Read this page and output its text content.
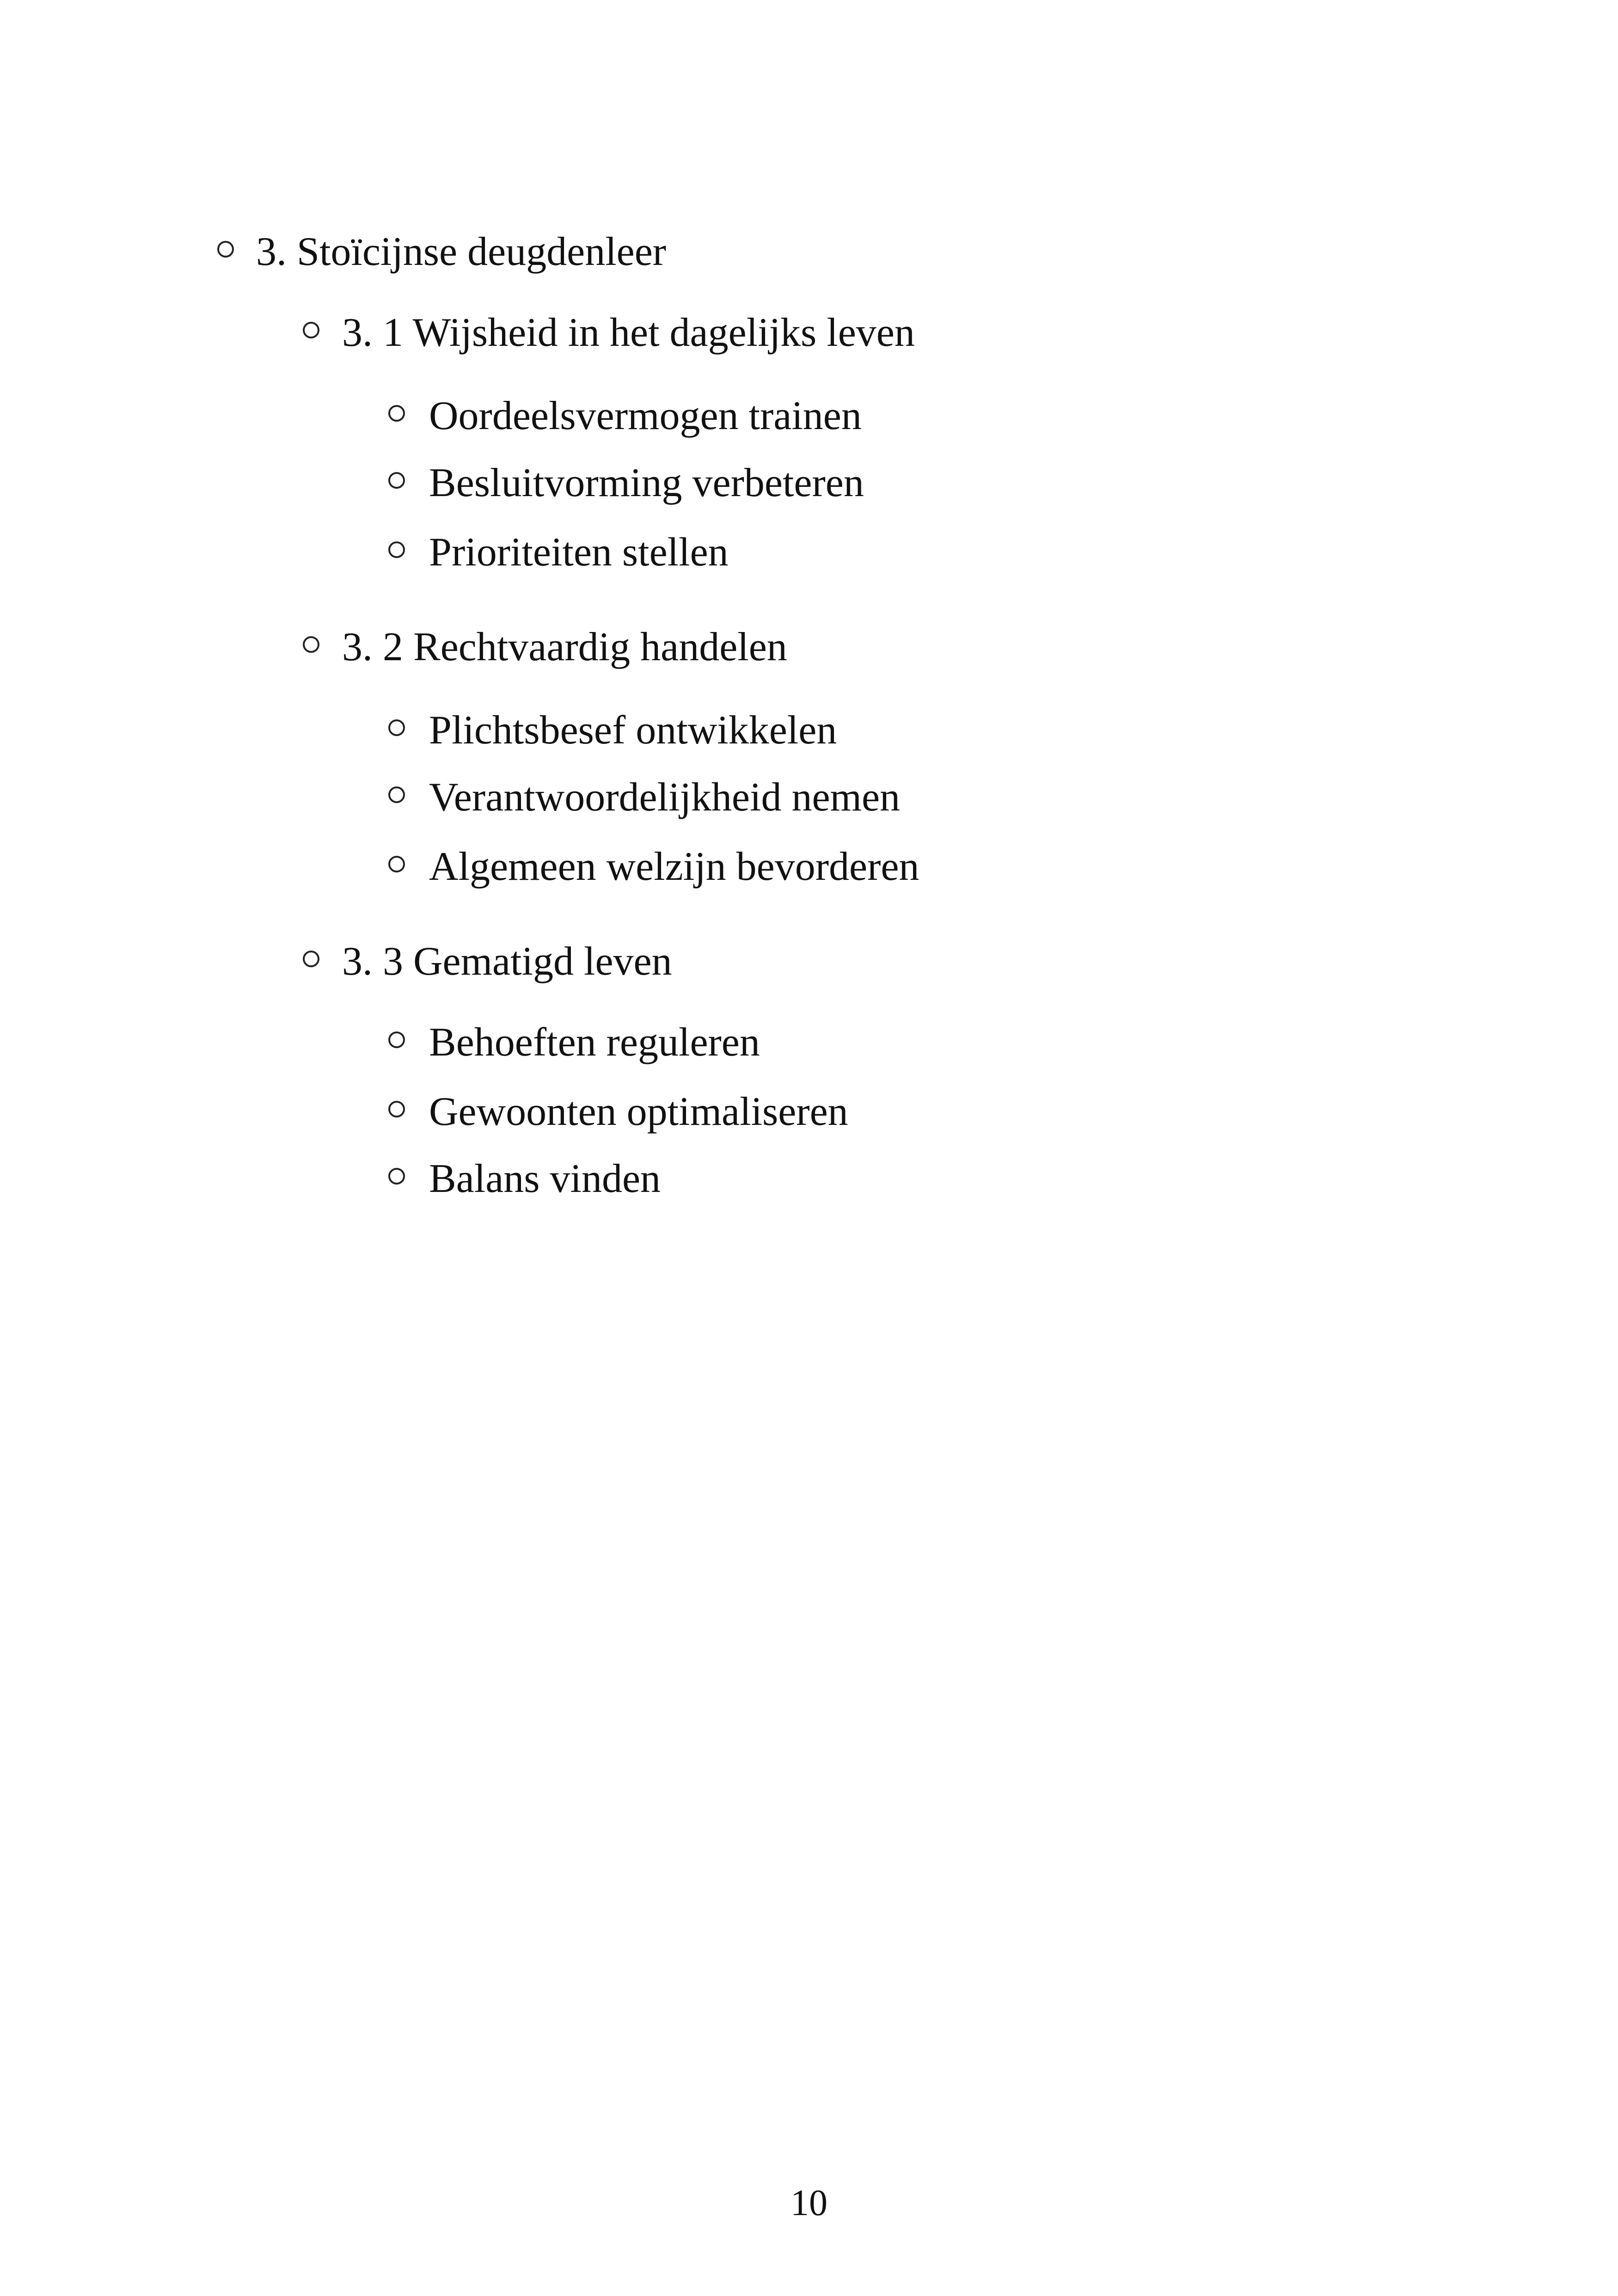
3. Stoïcijnse deugdenleer
3. 1 Wijsheid in het dagelijks leven
Oordeelsvermogen trainen
Besluitvorming verbeteren
Prioriteiten stellen
3. 2 Rechtvaardig handelen
Plichtsbesef ontwikkelen
Verantwoordelijkheid nemen
Algemeen welzijn bevorderen
3. 3 Gematigd leven
Behoeften reguleren
Gewoonten optimaliseren
Balans vinden
10
